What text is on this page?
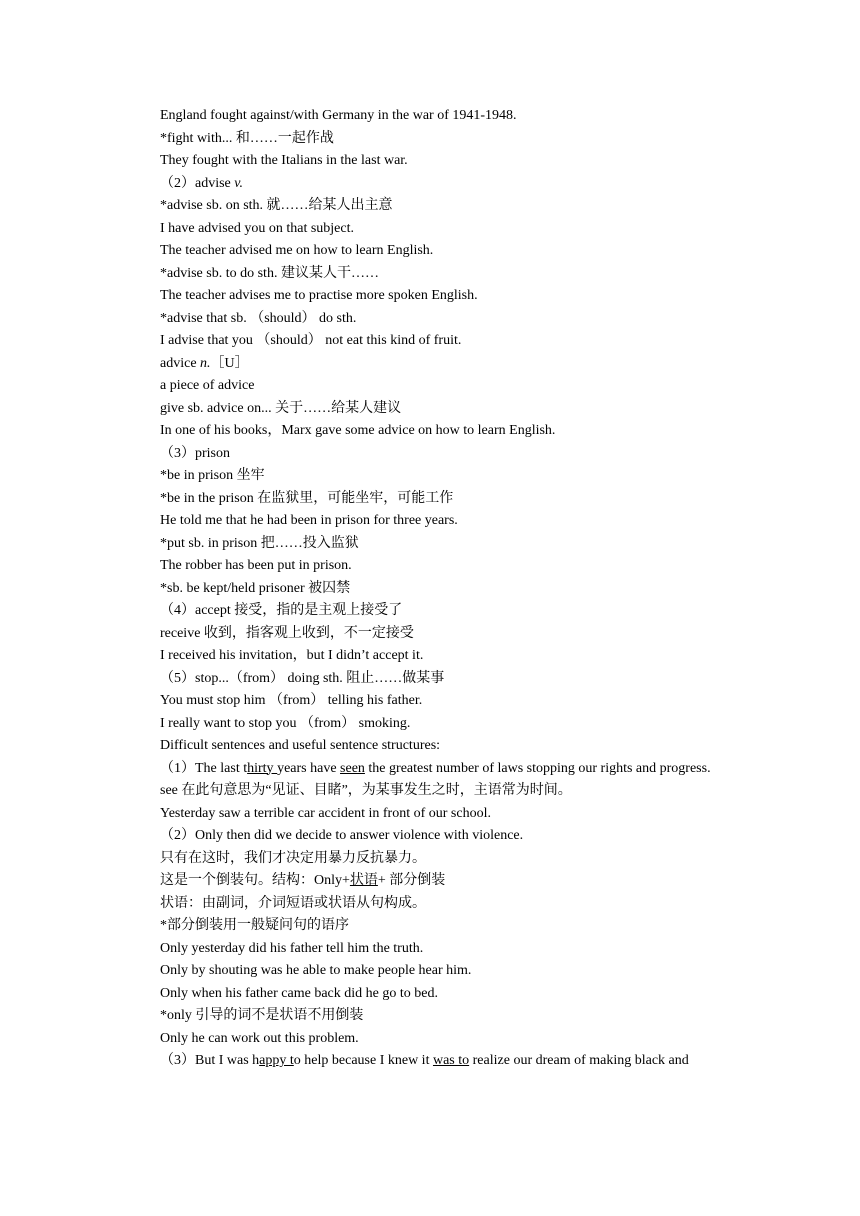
England fought against/with Germany in the war of 1941-1948.
*fight with... 和……一起作战
They fought with the Italians in the last war.
（2）advise v.
*advise sb. on sth. 就……给某人出主意
I have advised you on that subject.
The teacher advised me on how to learn English.
*advise sb. to do sth. 建议某人干……
The teacher advises me to practise more spoken English.
*advise that sb. （should） do sth.
I advise that you （should） not eat this kind of fruit.
advice n.［U］
a piece of advice
give sb. advice on... 关于……给某人建议
In one of his books，Marx gave some advice on how to learn English.
（3）prison
*be in prison 坐牢
*be in the prison 在监狱里，可能坐牢，可能工作
He told me that he had been in prison for three years.
*put sb. in prison 把……投入监狱
The robber has been put in prison.
*sb. be kept/held prisoner 被囚禁
（4）accept 接受，指的是主观上接受了
receive 收到，指客观上收到，不一定接受
I received his invitation，but I didn’t accept it.
（5）stop...（from） doing sth. 阻止……做某事
You must stop him （from） telling his father.
I really want to stop you （from） smoking.
Difficult sentences and useful sentence structures:
（1）The last thirty years have seen the greatest number of laws stopping our rights and progress.
see 在此句意思为“见证、目睹”，为某事发生之时，主语常为时间。
Yesterday saw a terrible car accident in front of our school.
（2）Only then did we decide to answer violence with violence.
只有在这时，我们才决定用暴力反抗暴力。
这是一个倒装句。结构：Only+状语+ 部分倒装
状语：由副词，介词短语或状语从句构成。
*部分倒装用一般疑问句的语序
Only yesterday did his father tell him the truth.
Only by shouting was he able to make people hear him.
Only when his father came back did he go to bed.
*only 引导的词不是状语不用倒装
Only he can work out this problem.
（3）But I was happy to help because I knew it was to realize our dream of making black and
